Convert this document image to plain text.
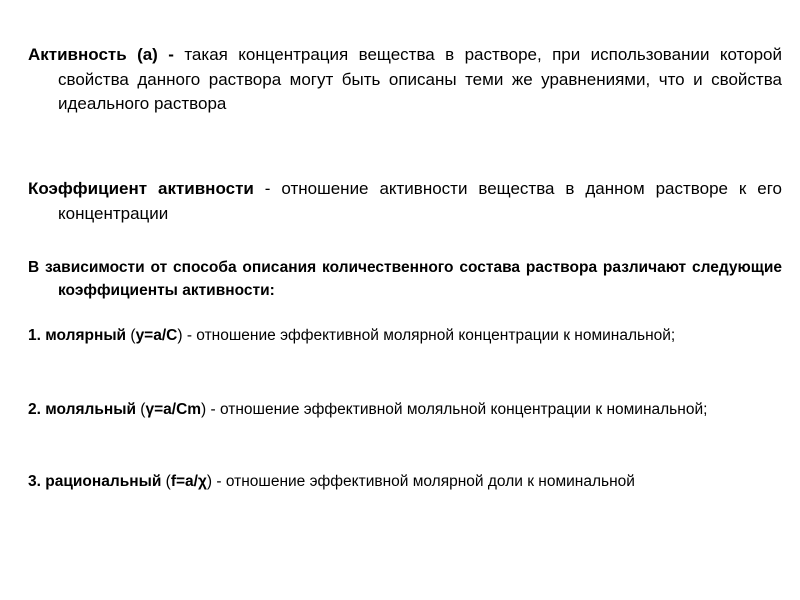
Активность (а) - такая концентрация вещества в растворе, при использовании которой свойства данного раствора могут быть описаны теми же уравнениями, что и свойства идеального раствора

Коэффициент активности - отношение активности вещества в данном растворе к его концентрации

В зависимости от способа описания количественного состава раствора различают следующие коэффициенты активности:

1. молярный (y=a/C) - отношение эффективной молярной концентрации к номинальной;

2. моляльный (γ=a/Cm) - отношение эффективной моляльной концентрации к номинальной;

3. рациональный (f=a/χ) - отношение эффективной молярной доли к номинальной
